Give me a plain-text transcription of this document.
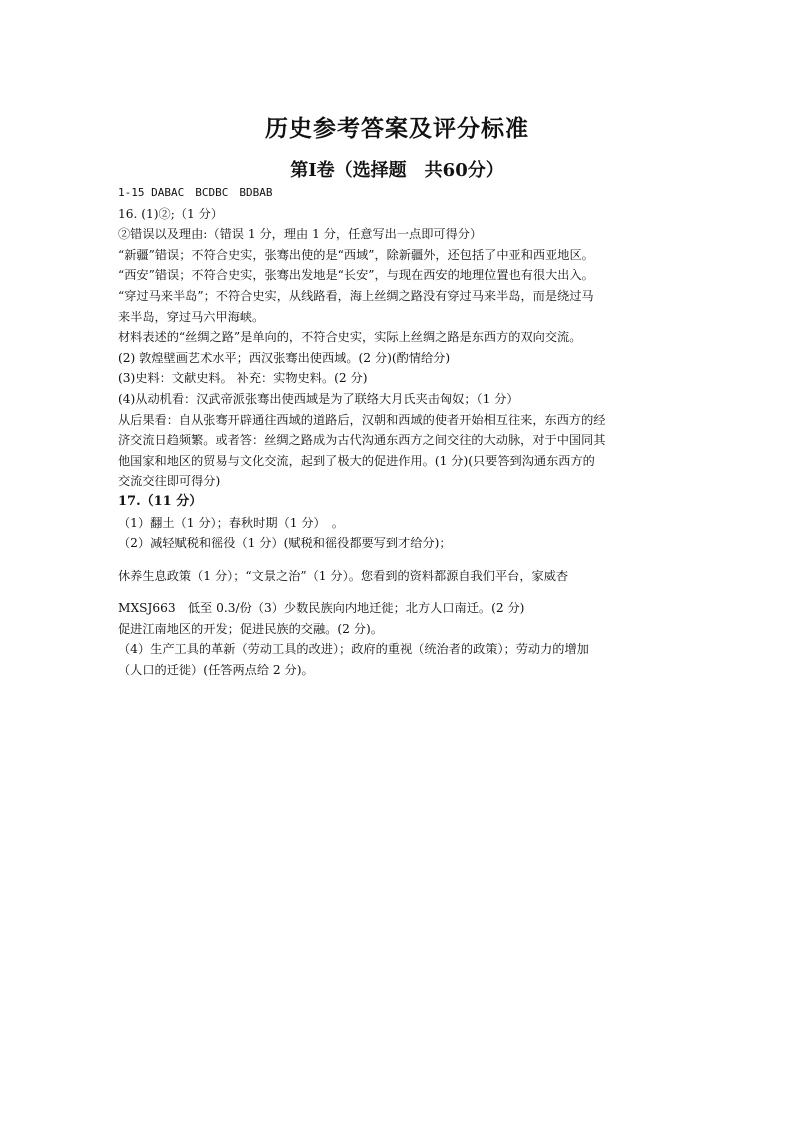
历史参考答案及评分标准
第Ⅰ卷（选择题　共60分）
1-15 DABAC　BCDBC　BDBAB
16. (1)②;（1 分）
②错误以及理由:（错误 1 分，理由 1 分，任意写出一点即可得分）
“新疆”错误；不符合史实，张骞出使的是“西域”，除新疆外，还包括了中亚和西亚地区。
“西安”错误；不符合史实，张骞出发地是“长安”，与现在西安的地理位置也有很大出入。
“穿过马来半岛”；不符合史实，从线路看，海上丝绸之路没有穿过马来半岛，而是绕过马
来半岛，穿过马六甲海峡。
材料表述的“丝绸之路”是单向的，不符合史实，实际上丝绸之路是东西方的双向交流。
(2) 敦煌壁画艺术水平；西汉张骞出使西域。(2 分)(酌情给分)
(3)史料：文献史料。 补充：实物史料。(2 分)
(4)从动机看：汉武帝派张骞出使西域是为了联络大月氏夹击匈奴；（1 分）
从后果看：自从张骞开辟通往西域的道路后，汉朝和西域的使者开始相互往来，东西方的经
济交流日趋频繁。或者答：丝绸之路成为古代沟通东西方之间交往的大动脉，对于中国同其
他国家和地区的贸易与文化交流，起到了极大的促进作用。(1 分)(只要答到沟通东西方的
交流交往即可得分)
17.（11 分）
（1）翻土（1 分）；春秋时期（1 分）　。
（2）减轻赋税和徭役（1 分）(赋税和徭役都要写到才给分)；
休养生息政策（1 分）；“文景之治”（1 分）。您看到的资料都源自我们平台，家威杏
MXSJ663　低至 0.3/份（3）少数民族向内地迁徙；北方人口南迁。(2 分)
促进江南地区的开发；促进民族的交融。(2 分)。
（4）生产工具的革新（劳动工具的改进）；政府的重视（统治者的政策）；劳动力的增加
（人口的迁徙）(任答两点给 2 分)。
